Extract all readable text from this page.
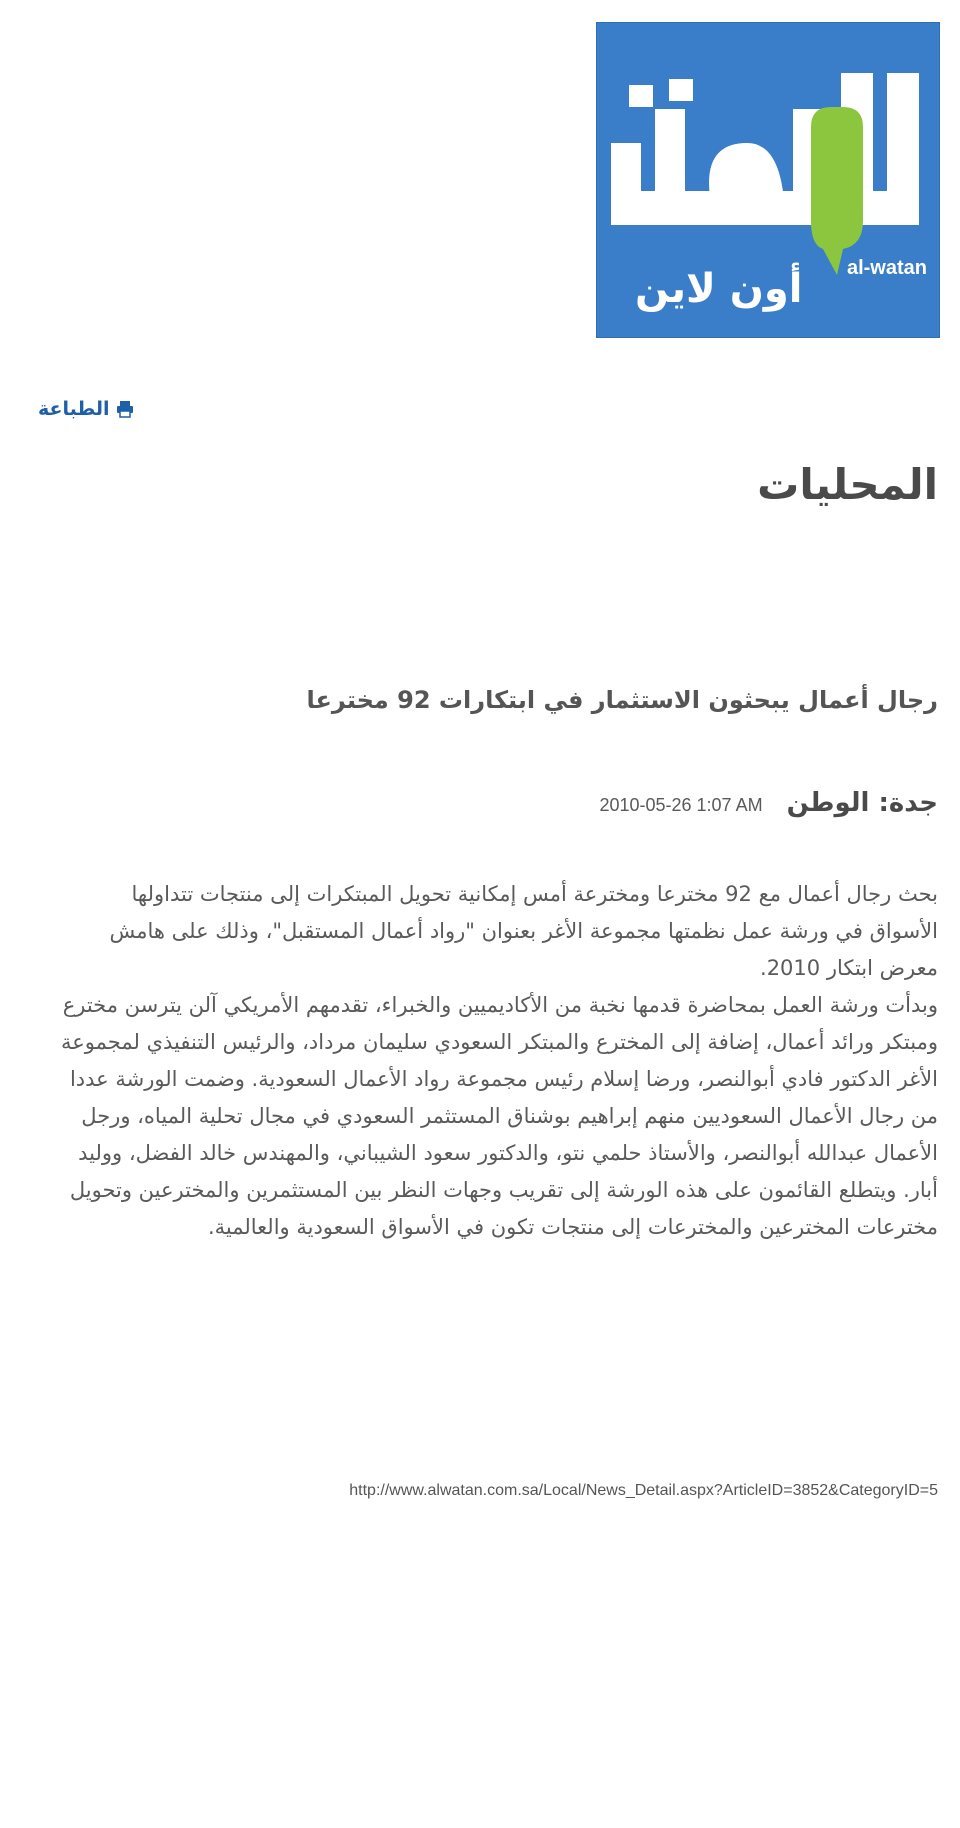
al-watan
أون لاين
الطباعة
المحليات
رجال أعمال يبحثون الاستثمار في ابتكارات 92 مخترعا
جدة: الوطن
2010-05-26 1:07 AM

بحث رجال أعمال مع 92 مخترعا ومخترعة أمس إمكانية تحويل المبتكرات إلى منتجات تتداولها الأسواق في ورشة عمل نظمتها مجموعة الأغر بعنوان "رواد أعمال المستقبل"، وذلك على هامش معرض ابتكار 2010.

وبدأت ورشة العمل بمحاضرة قدمها نخبة من الأكاديميين والخبراء، تقدمهم الأمريكي آلن يترسن مخترع ومبتكر ورائد أعمال، إضافة إلى المخترع والمبتكر السعودي سليمان مرداد، والرئيس التنفيذي لمجموعة الأغر الدكتور فادي أبوالنصر، ورضا إسلام رئيس مجموعة رواد الأعمال السعودية. وضمت الورشة عددا من رجال الأعمال السعوديين منهم إبراهيم بوشناق المستثمر السعودي في مجال تحلية المياه، ورجل الأعمال عبدالله أبوالنصر، والأستاذ حلمي نتو، والدكتور سعود الشيباني، والمهندس خالد الفضل، ووليد أبار. ويتطلع القائمون على هذه الورشة إلى تقريب وجهات النظر بين المستثمرين والمخترعين وتحويل مخترعات المخترعين والمخترعات إلى منتجات تكون في الأسواق السعودية والعالمية.

http://www.alwatan.com.sa/Local/News_Detail.aspx?ArticleID=3852&CategoryID=5
